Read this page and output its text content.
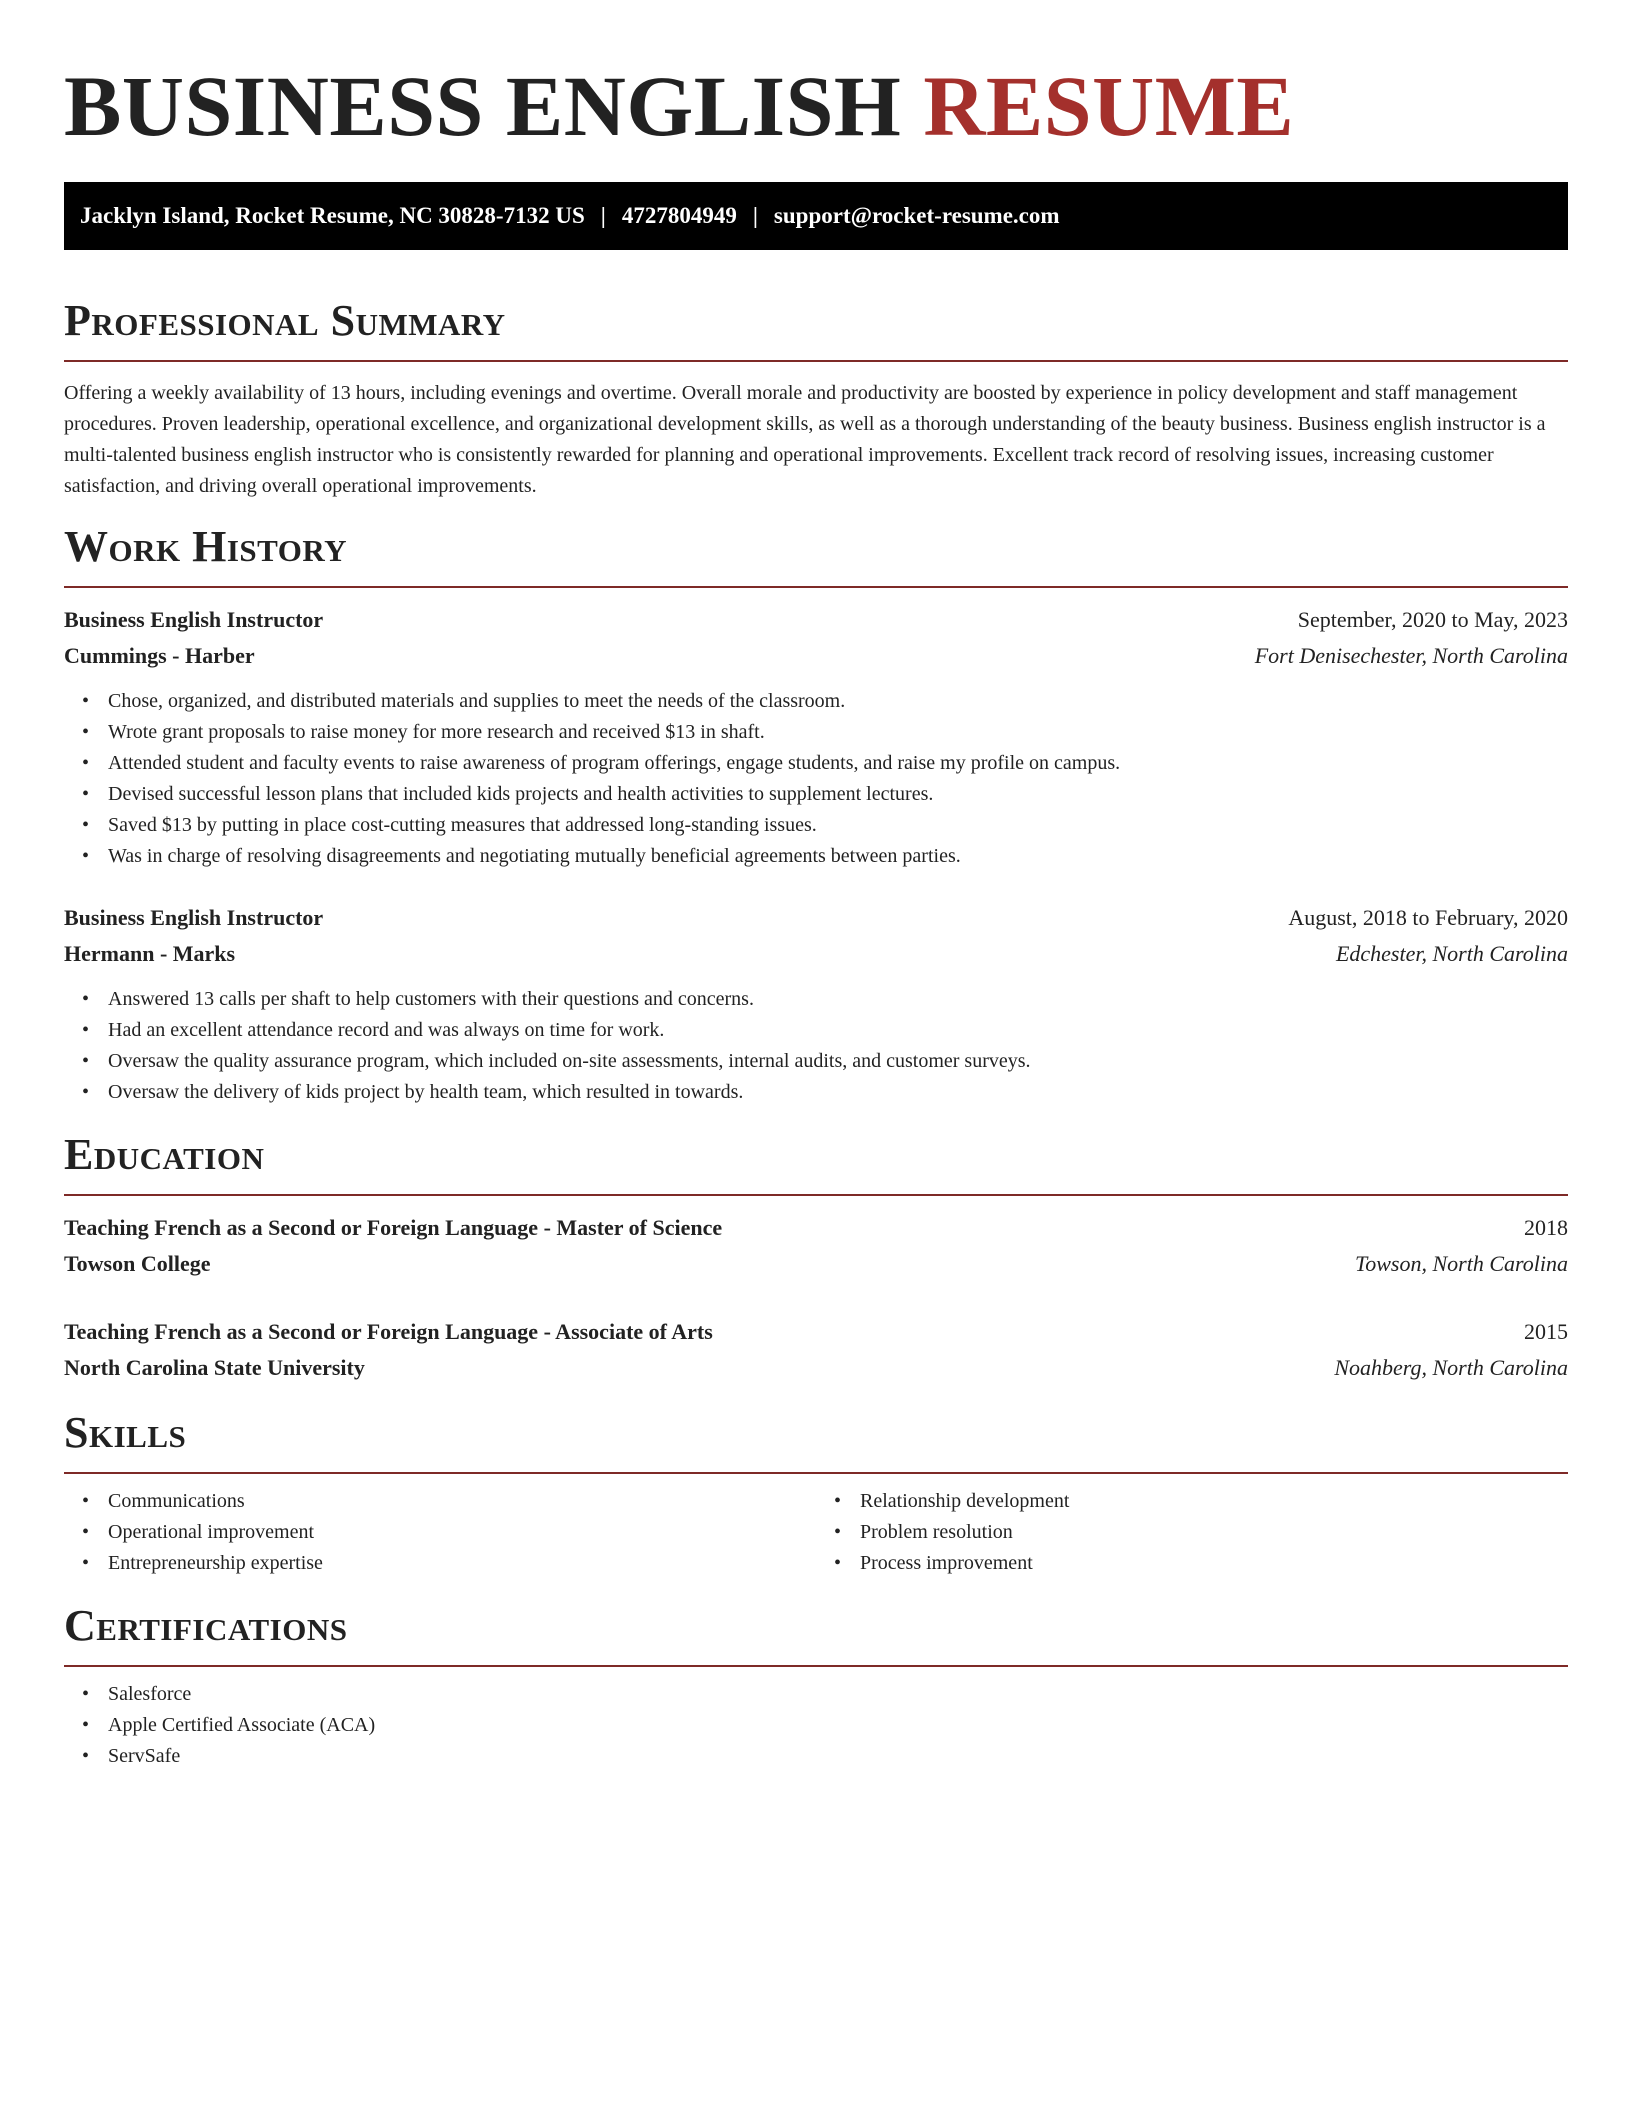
BUSINESS ENGLISH RESUME
Jacklyn Island, Rocket Resume, NC 30828-7132 US | 4727804949 | support@rocket-resume.com
Professional Summary

Offering a weekly availability of 13 hours, including evenings and overtime. Overall morale and productivity are boosted by experience in policy development and staff management procedures. Proven leadership, operational excellence, and organizational development skills, as well as a thorough understanding of the beauty business. Business english instructor is a multi-talented business english instructor who is consistently rewarded for planning and operational improvements. Excellent track record of resolving issues, increasing customer satisfaction, and driving overall operational improvements.

Work History
Business English Instructor	September, 2020 to May, 2023
Cummings - Harber	Fort Denisechester, North Carolina
• Chose, organized, and distributed materials and supplies to meet the needs of the classroom.
• Wrote grant proposals to raise money for more research and received $13 in shaft.
• Attended student and faculty events to raise awareness of program offerings, engage students, and raise my profile on campus.
• Devised successful lesson plans that included kids projects and health activities to supplement lectures.
• Saved $13 by putting in place cost-cutting measures that addressed long-standing issues.
• Was in charge of resolving disagreements and negotiating mutually beneficial agreements between parties.
Business English Instructor	August, 2018 to February, 2020
Hermann - Marks	Edchester, North Carolina
• Answered 13 calls per shaft to help customers with their questions and concerns.
• Had an excellent attendance record and was always on time for work.
• Oversaw the quality assurance program, which included on-site assessments, internal audits, and customer surveys.
• Oversaw the delivery of kids project by health team, which resulted in towards.
Education
Teaching French as a Second or Foreign Language - Master of Science	2018
Towson College	Towson, North Carolina
Teaching French as a Second or Foreign Language - Associate of Arts	2015
North Carolina State University	Noahberg, North Carolina
Skills
• Communications
• Operational improvement
• Entrepreneurship expertise
• Relationship development
• Problem resolution
• Process improvement
Certifications
• Salesforce
• Apple Certified Associate (ACA)
• ServSafe
